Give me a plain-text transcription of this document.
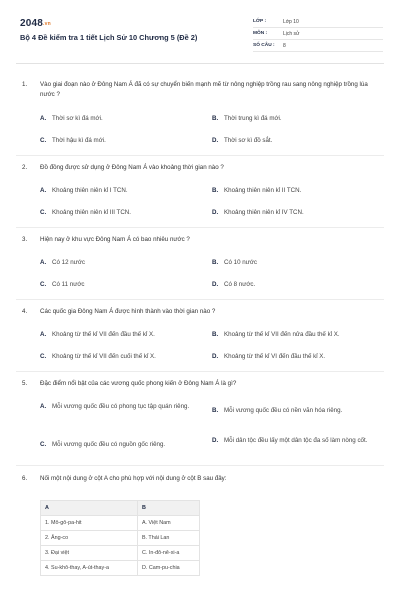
2048.vn
Bộ 4 Đề kiểm tra 1 tiết Lịch Sử 10 Chương 5 (Đề 2)
LỚP :	Lớp 10
MÔN :	Lịch sử
SỐ CÂU :	8
1.	Vào giai đoạn nào ở Đông Nam Á đã có sự chuyển biến mạnh mẽ từ nông nghiệp trồng rau sang nông nghiệp trồng lúa nước ?
A. Thời sơ kì đá mới.	B. Thời trung kì đá mới.
C. Thời hậu kì đá mới.	D. Thời sơ kì đồ sắt.
2.	Đồ đồng được sử dụng ở Đông Nam Á vào khoảng thời gian nào ?
A. Khoảng thiên niên kỉ I TCN.	B. Khoảng thiên niên kỉ II TCN.
C. Khoảng thiên niên kỉ III TCN.	D. Khoảng thiên niên kỉ IV TCN.
3.	Hiện nay ở khu vực Đông Nam Á có bao nhiêu nước ?
A. Có 12 nước	B. Có 10 nước
C. Có 11 nước	D. Có 8 nước.
4.	Các quốc gia Đông Nam Á được hình thành vào thời gian nào ?
A. Khoảng từ thế kỉ VII đến đầu thế kỉ X.	B. Khoảng từ thế kỉ VII đến nửa đầu thế kỉ X.
C. Khoảng từ thế kỉ VII đến cuối thế kỉ X.	D. Khoảng từ thế kỉ VI đến đầu thế kỉ X.
5.	Đặc điểm nổi bật của các vương quốc phong kiến ở Đông Nam Á là gì?
A. Mỗi vương quốc đều có phong tục tập quán riêng.
B. Mỗi vương quốc đều có nền văn hóa riêng.
C. Mỗi vương quốc đều có nguồn gốc riêng.
D. Mỗi dân tộc đều lấy một dân tộc đa số làm nòng cốt.
6.	Nối một nội dung ở cột A cho phù hợp với nội dung ở cột B sau đây:
A	B
1. Mô-gô-pa-hit	A. Việt Nam
2. Ăng-co	B. Thái Lan
3. Đại việt	C. In-đô-nê-xi-a
4. Su-khô-thay, A-út-thay-a	D. Cam-pu-chia
